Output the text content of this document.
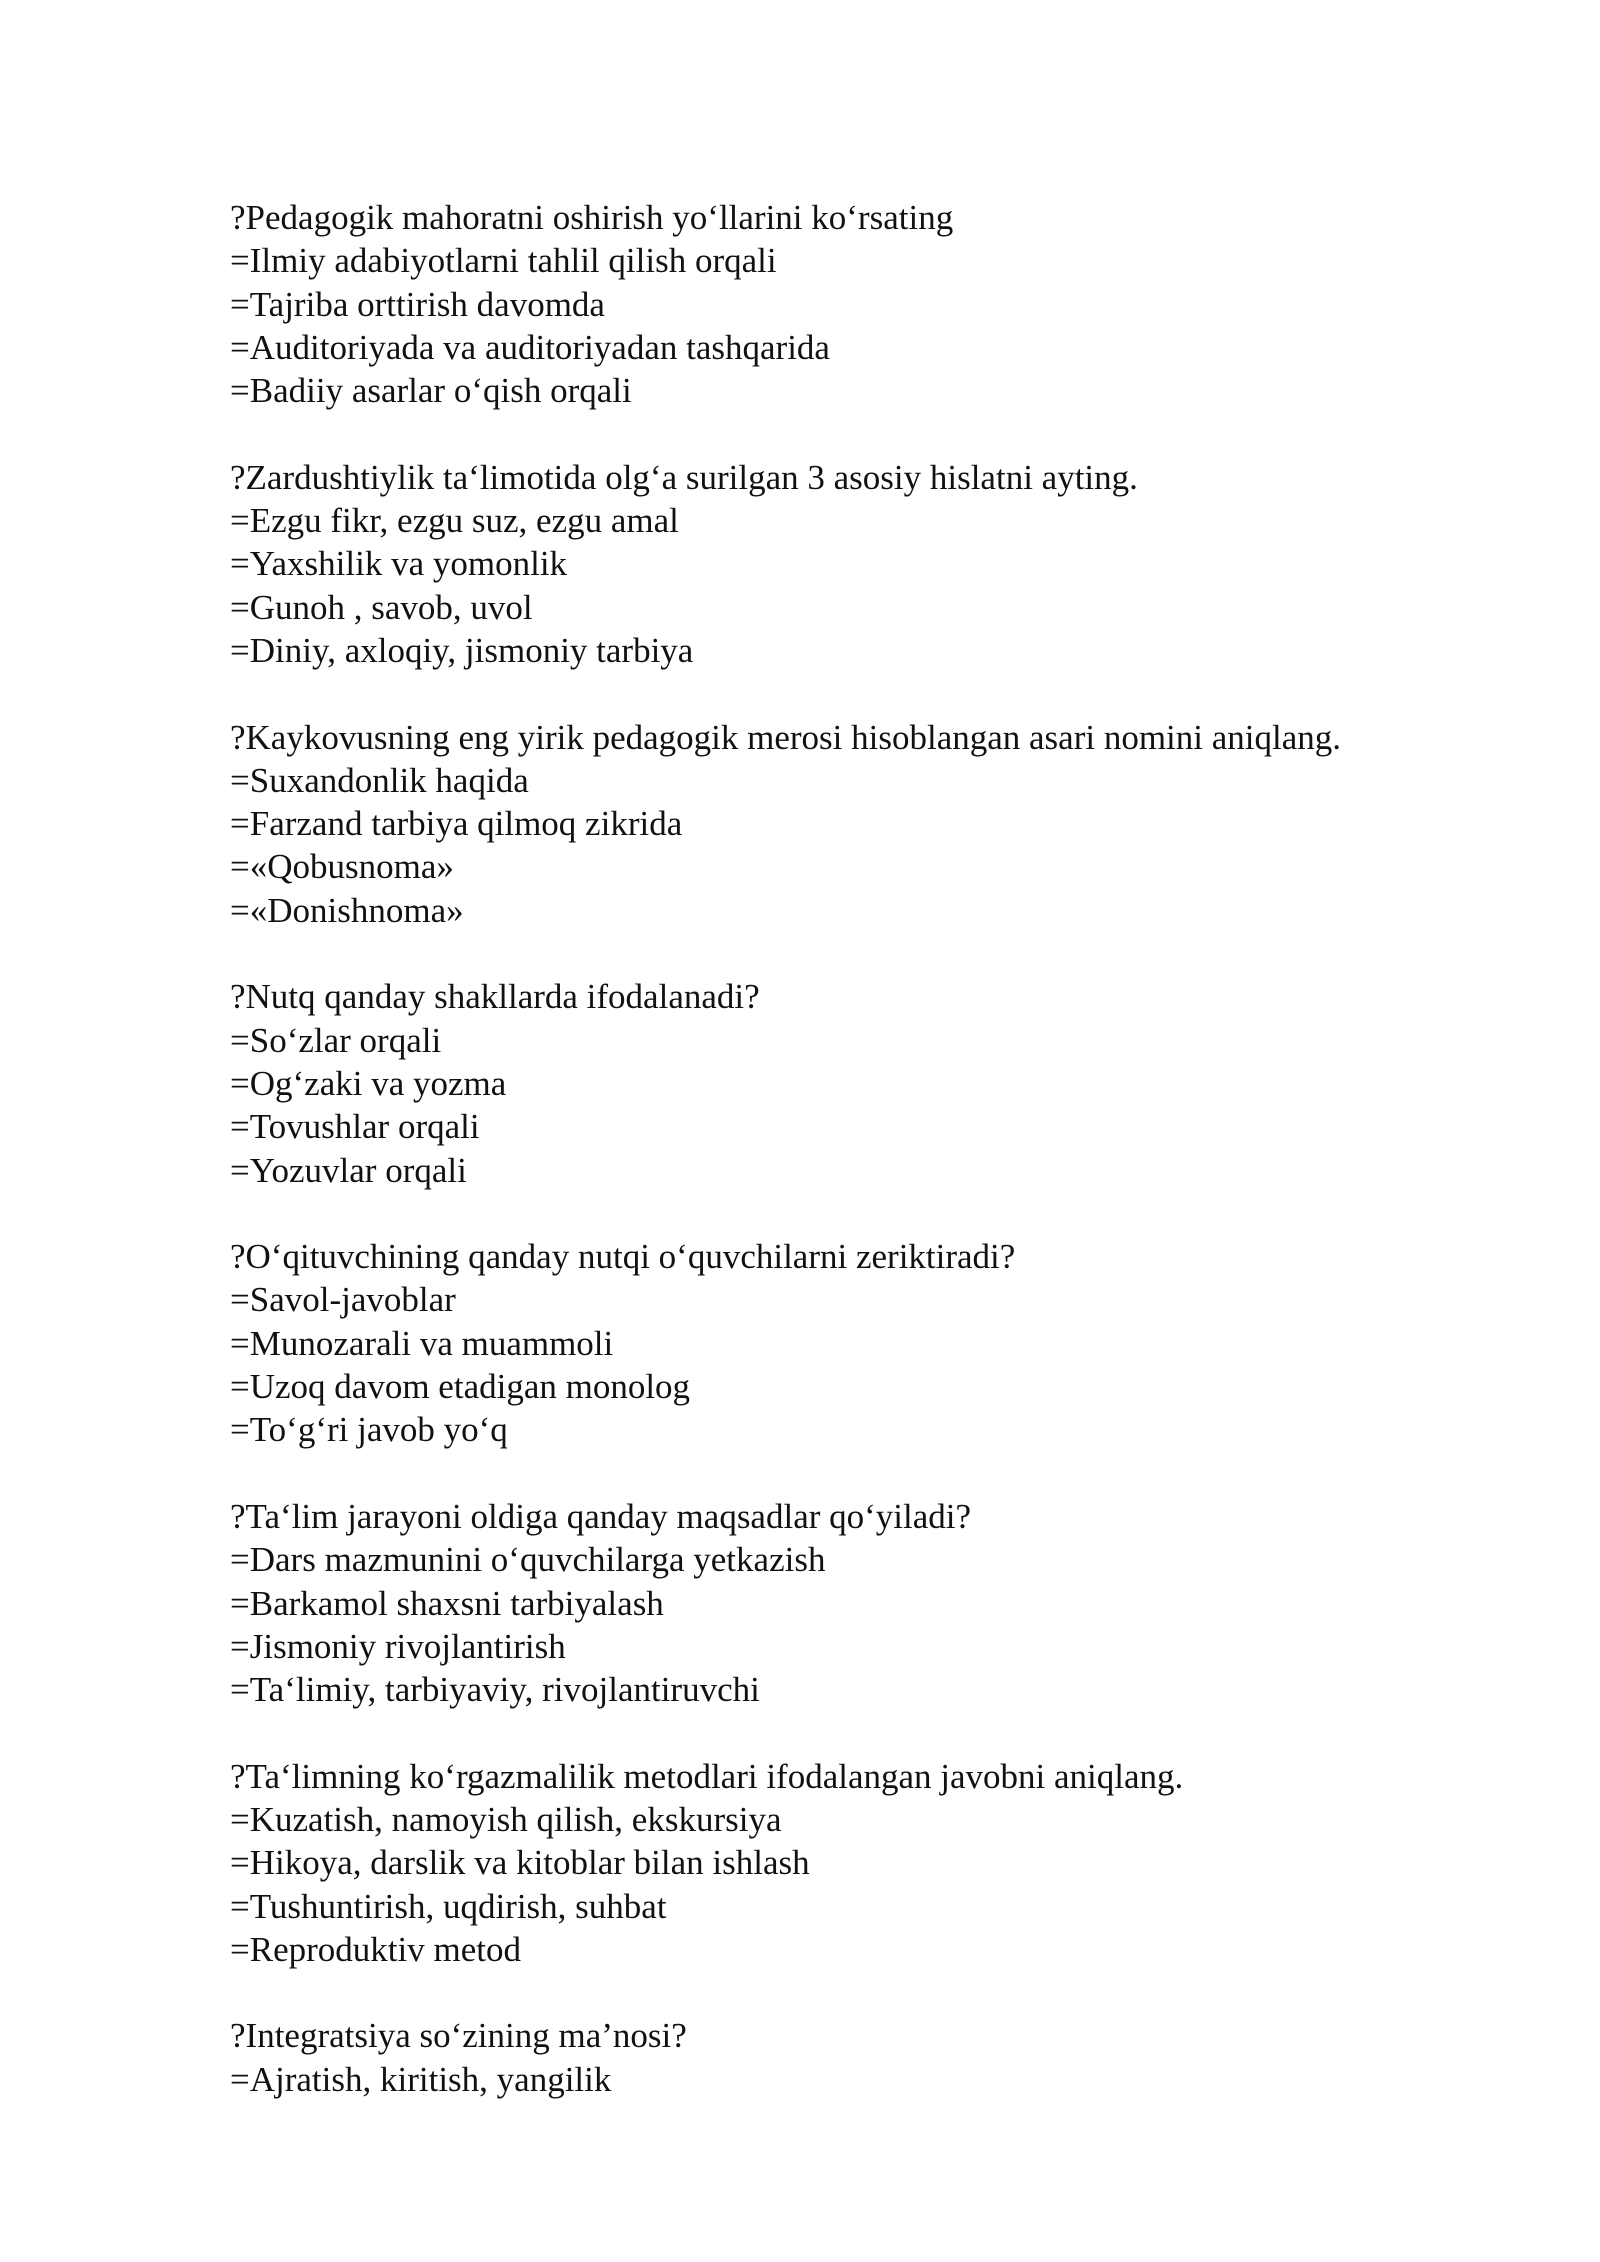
?Pedagogik mahoratni oshirish yo‘llarini ko‘rsating
=Ilmiy adabiyotlarni tahlil qilish orqali
=Tajriba orttirish davomda
=Auditoriyada va auditoriyadan tashqarida
=Badiiy asarlar o‘qish orqali
?Zardushtiylik ta‘limotida olg‘a surilgan 3 asosiy hislatni ayting.
=Ezgu fikr, ezgu suz, ezgu amal
=Yaxshilik va yomonlik
=Gunoh , savob, uvol
=Diniy, axloqiy, jismoniy tarbiya
?Kaykovusning eng yirik pedagogik merosi hisoblangan asari nomini aniqlang.
=Suxandonlik haqida
=Farzand tarbiya qilmoq zikrida
=«Qobusnoma»
=«Donishnoma»
?Nutq qanday shakllarda ifodalanadi?
=So‘zlar orqali
=Og‘zaki va yozma
=Tovushlar orqali
=Yozuvlar orqali
?O‘qituvchining qanday nutqi o‘quvchilarni zeriktiradi?
=Savol-javoblar
=Munozarali va muammoli
=Uzoq davom etadigan monolog
=To‘g‘ri javob yo‘q
?Ta‘lim jarayoni oldiga qanday maqsadlar qo‘yiladi?
=Dars mazmunini o‘quvchilarga yetkazish
=Barkamol shaxsni tarbiyalash
=Jismoniy rivojlantirish
=Ta‘limiy, tarbiyaviy, rivojlantiruvchi
?Ta‘limning ko‘rgazmalilik metodlari ifodalangan javobni aniqlang.
=Kuzatish, namoyish qilish, ekskursiya
=Hikoya, darslik va kitoblar bilan ishlash
=Tushuntirish, uqdirish, suhbat
=Reproduktiv metod
?Integratsiya so‘zining ma’nosi?
=Ajratish, kiritish, yangilik
